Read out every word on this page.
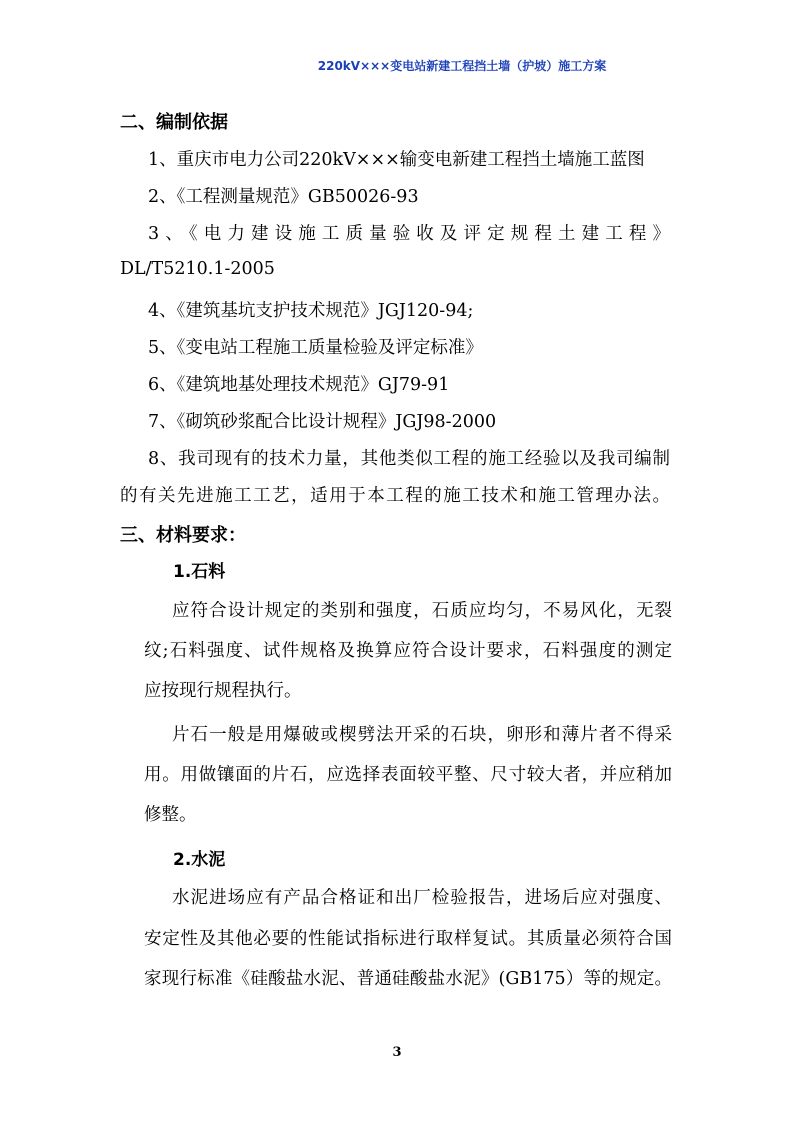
220kV×××变电站新建工程挡土墙（护坡）施工方案
二、编制依据
1、重庆市电力公司220kV×××输变电新建工程挡土墙施工蓝图
2、《工程测量规范》GB50026-93
3、《电力建设施工质量验收及评定规程土建工程》
DL/T5210.1-2005
4、《建筑基坑支护技术规范》JGJ120-94;
5、《变电站工程施工质量检验及评定标准》
6、《建筑地基处理技术规范》GJ79-91
7、《砌筑砂浆配合比设计规程》JGJ98-2000
8、我司现有的技术力量，其他类似工程的施工经验以及我司编制
的有关先进施工工艺，适用于本工程的施工技术和施工管理办法。
三、材料要求：
1.石料
应符合设计规定的类别和强度，石质应均匀，不易风化，无裂
纹;石料强度、试件规格及换算应符合设计要求，石料强度的测定
应按现行规程执行。
片石一般是用爆破或楔劈法开采的石块，卵形和薄片者不得采
用。用做镶面的片石，应选择表面较平整、尺寸较大者，并应稍加
修整。
2.水泥
水泥进场应有产品合格证和出厂检验报告，进场后应对强度、
安定性及其他必要的性能试指标进行取样复试。其质量必须符合国
家现行标准《硅酸盐水泥、普通硅酸盐水泥》(GB175）等的规定。
3
